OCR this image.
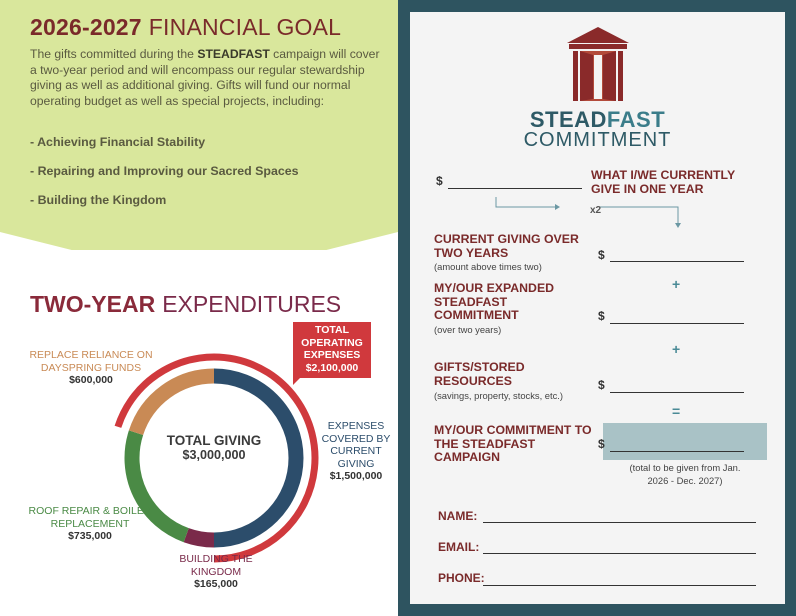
2026-2027 FINANCIAL GOAL
The gifts committed during the STEADFAST campaign will cover a two-year period and will encompass our regular stewardship giving as well as additional giving. Gifts will fund our normal operating budget as well as special projects, including:
- Achieving Financial Stability
- Repairing and Improving our Sacred Spaces
- Building the Kingdom
TWO-YEAR EXPENDITURES
TOTAL GIVING
$3,000,000
TOTAL OPERATING EXPENSES
$2,100,000
EXPENSES COVERED BY CURRENT GIVING
$1,500,000
BUILDING THE KINGDOM
$165,000
ROOF REPAIR & BOILER REPLACEMENT
$735,000
REPLACE RELIANCE ON DAYSPRING FUNDS
$600,000
STEADFAST
COMMITMENT
$	WHAT I/WE CURRENTLY GIVE IN ONE YEAR
x2
CURRENT GIVING OVER TWO YEARS
(amount above times two)
$
+
MY/OUR EXPANDED STEADFAST COMMITMENT
(over two years)
$
+
GIFTS/STORED RESOURCES
(savings, property, stocks, etc.)
$
=
MY/OUR COMMITMENT TO THE STEADFAST CAMPAIGN
$
(total to be given from Jan. 2026 - Dec. 2027)
NAME:
EMAIL:
PHONE:
